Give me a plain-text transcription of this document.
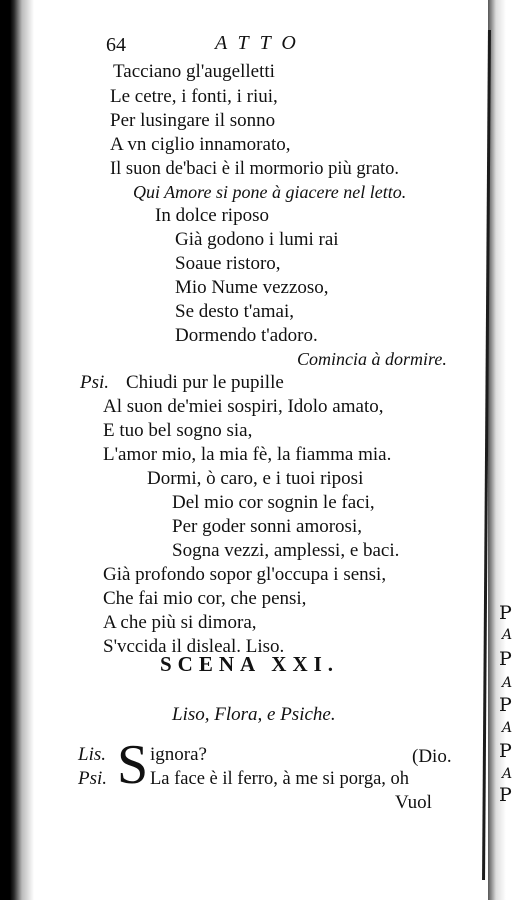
64	ATTO
Tacciano gl'augelletti
Le cetre, i fonti, i riui,
Per lusingare il sonno
A vn ciglio innamorato,
Il suon de'baci è il mormorio più grato.
Qui Amore si pone à giacere nel letto.
In dolce riposo
Già godono i lumi rai
Soaue ristoro,
Mio Nume vezzoso,
Se desto t'amai,
Dormendo t'adoro.
Comincia à dormire.
Psi. Chiudi pur le pupille
Al suon de'miei sospiri, Idolo amato,
E tuo bel sogno sia,
L'amor mio, la mia fè, la fiamma mia.
Dormi, ò caro, e i tuoi riposi
Del mio cor sognin le faci,
Per goder sonni amorosi,
Sogna vezzi, amplessi, e baci.
Già profondo sopor gl'occupa i sensi,
Che fai mio cor, che pensi,
A che più si dimora,
S'vccida il disleal. Liso.
SCENA XXI.
Liso, Flora, e Psiche.
Lis. S ignora?	(Dio.
Psi. La face è il ferro, à me si porga, oh
Vuol
P
A
P
A
P
A
P
A
P
